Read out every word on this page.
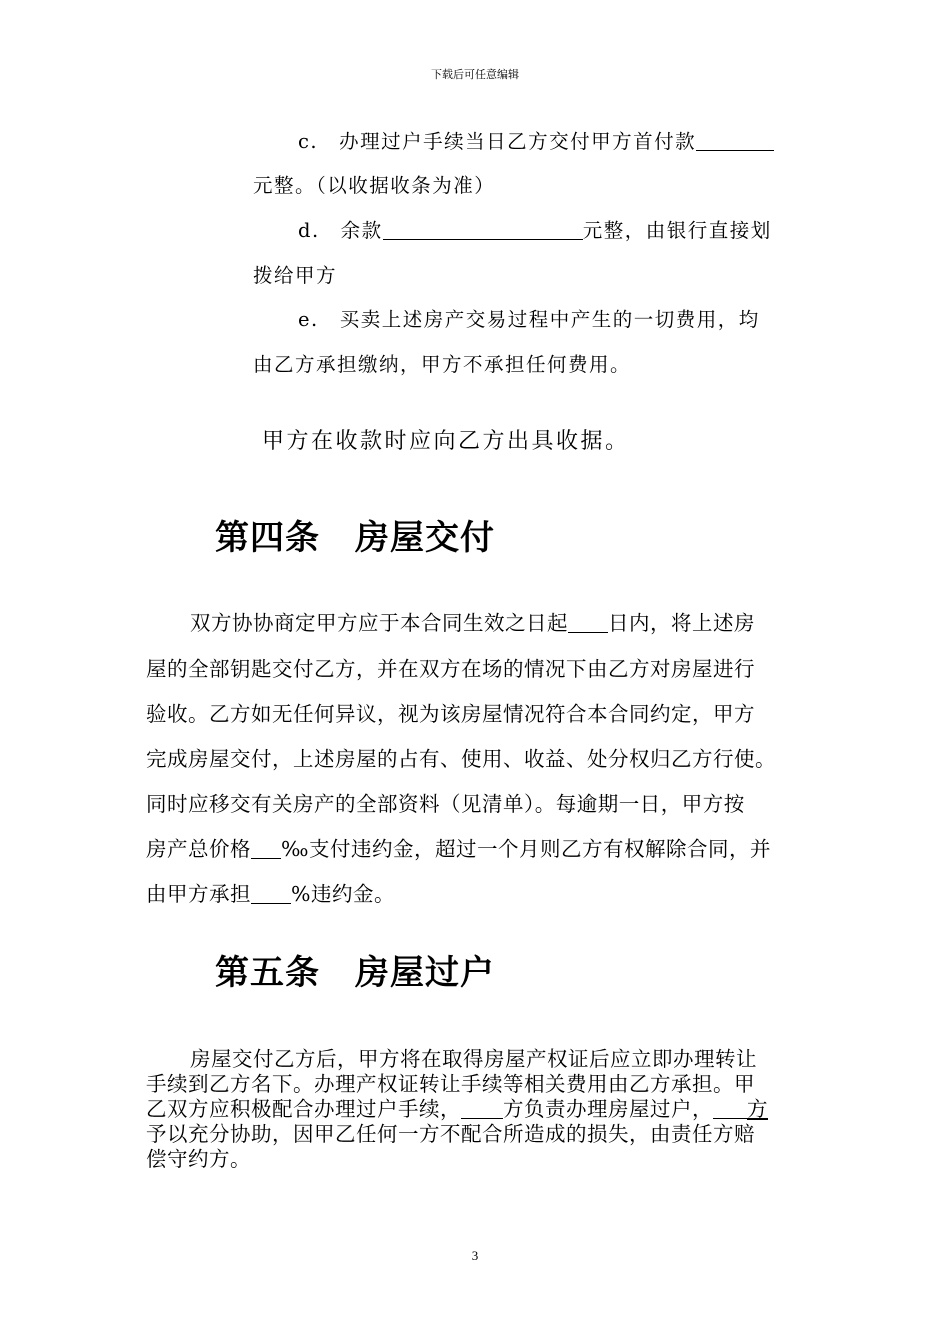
下载后可任意编辑
c.　办理过户手续当日乙方交付甲方首付款
元整。（以收据收条为准）
d.　余款	元整，由银行直接划
拨给甲方
e.　买卖上述房产交易过程中产生的一切费用，均
由乙方承担缴纳，甲方不承担任何费用。
甲方在收款时应向乙方出具收据。
第四条　房屋交付
双方协协商定甲方应于本合同生效之日起 日内，将上述房
屋的全部钥匙交付乙方，并在双方在场的情况下由乙方对房屋进行
验收。乙方如无任何异议，视为该房屋情况符合本合同约定，甲方
完成房屋交付，上述房屋的占有、使用、收益、处分权归乙方行使。
同时应移交有关房产的全部资料（见清单）。每逾期一日，甲方按
房产总价格 ‰支付违约金，超过一个月则乙方有权解除合同，并
由甲方承担 %违约金。
第五条　房屋过户
房屋交付乙方后，甲方将在取得房屋产权证后应立即办理转让
手续到乙方名下。办理产权证转让手续等相关费用由乙方承担。甲
乙双方应积极配合办理过户手续， 方负责办理房屋过户， 方
予以充分协助，因甲乙任何一方不配合所造成的损失，由责任方赔
偿守约方。
3
